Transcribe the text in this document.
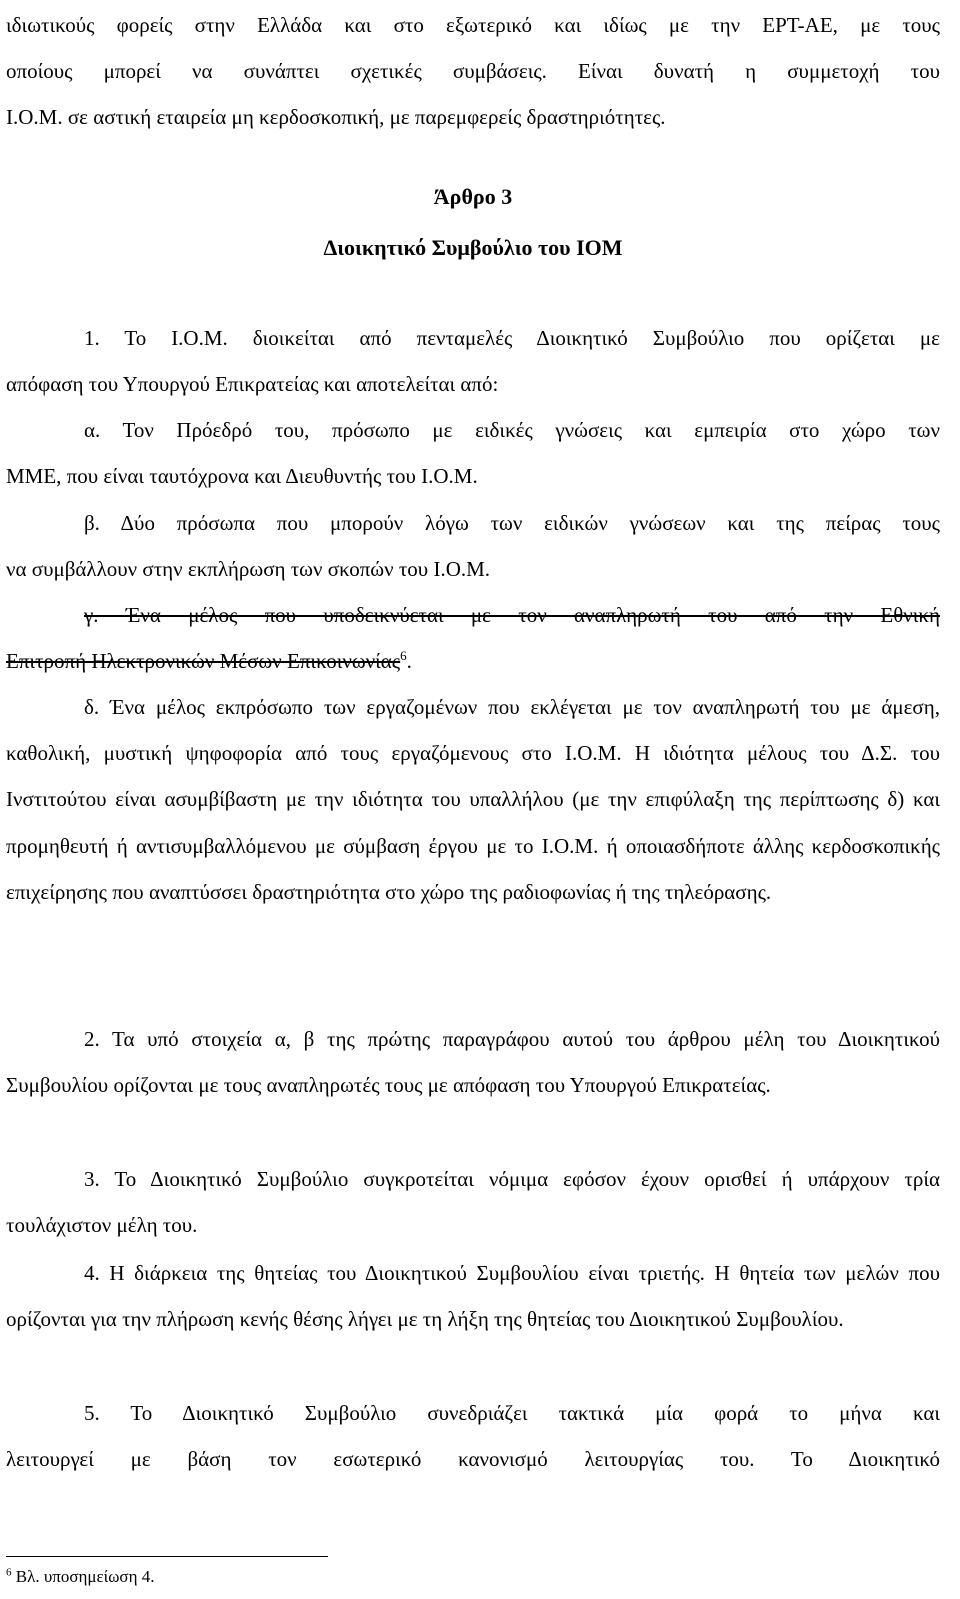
ιδιωτικούς φορείς στην Ελλάδα και στο εξωτερικό και ιδίως με την ΕΡΤ-ΑΕ, με τους

οποίους μπορεί να συνάπτει σχετικές συμβάσεις. Είναι δυνατή η συμμετοχή του

Ι.Ο.Μ. σε αστική εταιρεία μη κερδοσκοπική, με παρεμφερείς δραστηριότητες.

Άρθρο 3
Διοικητικό Συμβούλιο του ΙΟΜ

1. Το Ι.Ο.Μ. διοικείται από πενταμελές Διοικητικό Συμβούλιο που ορίζεται με

απόφαση του Υπουργού Επικρατείας και αποτελείται από:

α. Τον Πρόεδρό του, πρόσωπο με ειδικές γνώσεις και εμπειρία στο χώρο των

ΜΜΕ, που είναι ταυτόχρονα και Διευθυντής του Ι.Ο.Μ.

β. Δύο πρόσωπα που μπορούν λόγω των ειδικών γνώσεων και της πείρας τους

να συμβάλλουν στην εκπλήρωση των σκοπών του Ι.Ο.Μ.

γ. Ένα μέλος που υποδεικνύεται με τον αναπληρωτή του από την Εθνική

Επιτροπή Ηλεκτρονικών Μέσων Επικοινωνίας$^6$.

δ. Ένα μέλος εκπρόσωπο των εργαζομένων που εκλέγεται με τον αναπληρωτή του με άμεση, καθολική, μυστική ψηφοφορία από τους εργαζόμενους στο Ι.Ο.Μ. Η ιδιότητα μέλους του Δ.Σ. του Ινστιτούτου είναι ασυμβίβαστη με την ιδιότητα του υπαλλήλου (με την επιφύλαξη της περίπτωσης δ) και προμηθευτή ή αντισυμβαλλόμενου με σύμβαση έργου με το Ι.Ο.Μ. ή οποιασδήποτε άλλης κερδοσκοπικής επιχείρησης που αναπτύσσει δραστηριότητα στο χώρο της ραδιοφωνίας ή της τηλεόρασης.

2. Τα υπό στοιχεία α, β της πρώτης παραγράφου αυτού του άρθρου μέλη του Διοικητικού Συμβουλίου ορίζονται με τους αναπληρωτές τους με απόφαση του Υπουργού Επικρατείας.

3. Το Διοικητικό Συμβούλιο συγκροτείται νόμιμα εφόσον έχουν ορισθεί ή υπάρχουν τρία τουλάχιστον μέλη του.

4. Η διάρκεια της θητείας του Διοικητικού Συμβουλίου είναι τριετής. Η θητεία των μελών που ορίζονται για την πλήρωση κενής θέσης λήγει με τη λήξη της θητείας του Διοικητικού Συμβουλίου.

5. Το Διοικητικό Συμβούλιο συνεδριάζει τακτικά μία φορά το μήνα και

λειτουργεί με βάση τον εσωτερικό κανονισμό λειτουργίας του. Το Διοικητικό

$^6$ Βλ. υποσημείωση 4.
